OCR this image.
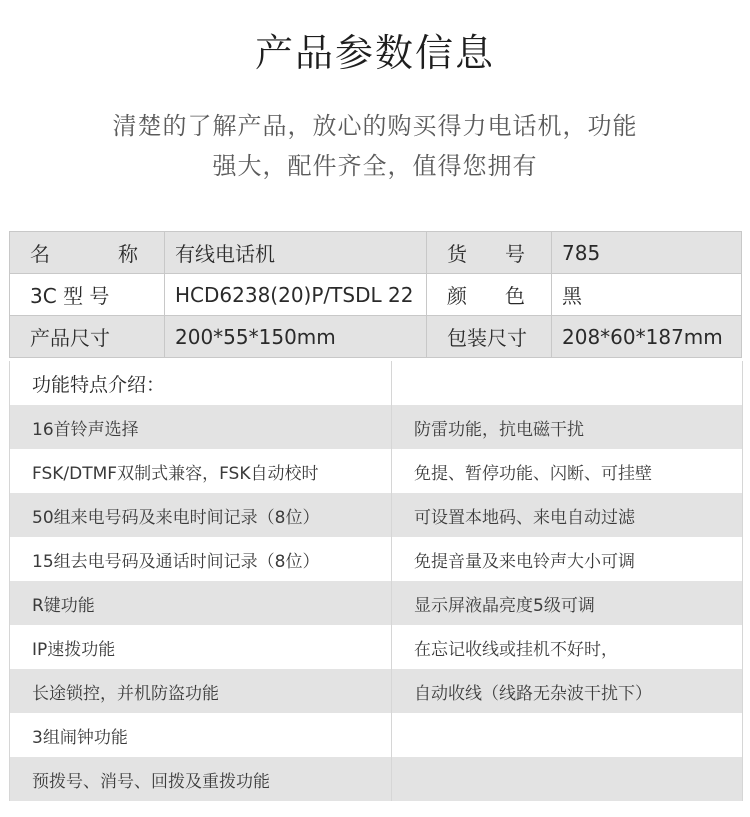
产品参数信息
清楚的了解产品，放心的购买得力电话机，功能
强大，配件齐全，值得您拥有
名 称	有线电话机	货 号	785
3C 型 号	HCD6238(20)P/TSDL 22	颜 色	黑
产品尺寸	200*55*150mm	包装尺寸	208*60*187mm
功能特点介绍：
16首铃声选择	防雷功能，抗电磁干扰
FSK/DTMF双制式兼容，FSK自动校时	免提、暂停功能、闪断、可挂壁
50组来电号码及来电时间记录（8位）	可设置本地码、来电自动过滤
15组去电号码及通话时间记录（8位）	免提音量及来电铃声大小可调
R键功能	显示屏液晶亮度5级可调
IP速拨功能	在忘记收线或挂机不好时，
长途锁控，并机防盗功能	自动收线（线路无杂波干扰下）
3组闹钟功能
预拨号、消号、回拨及重拨功能
